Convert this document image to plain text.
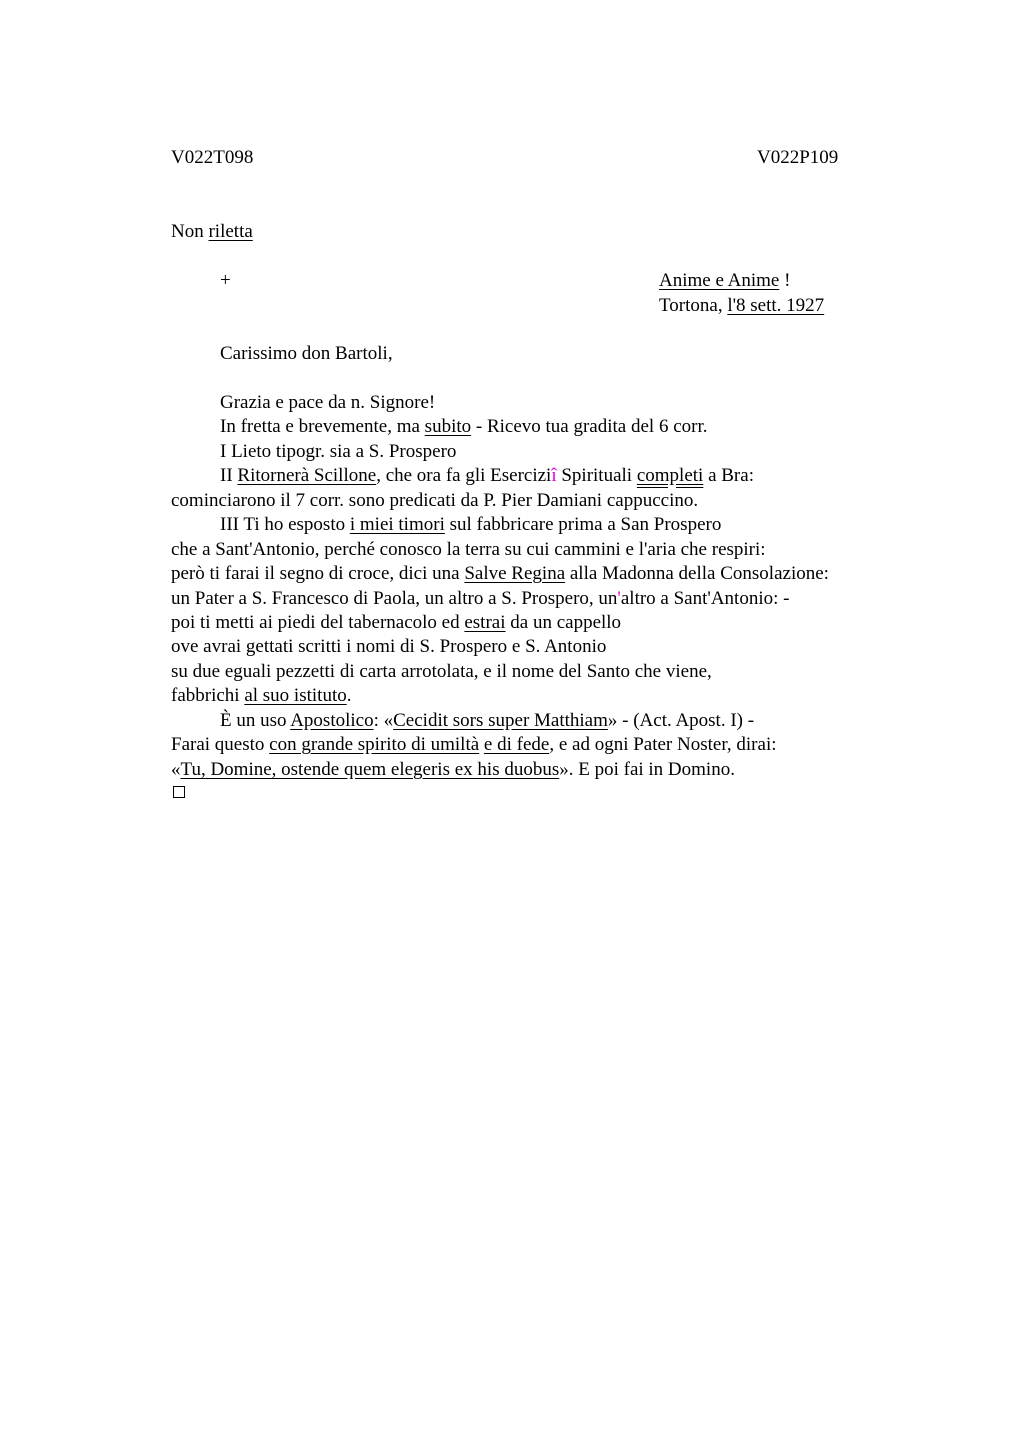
V022T098	V022P109
Non riletta
+	Anime e Anime !
Tortona, l'8 sett. 1927
Carissimo don Bartoli,
Grazia e pace da n. Signore!
In fretta e brevemente, ma subito - Ricevo tua gradita del 6 corr.
I Lieto tipogr. sia a S. Prospero
II Ritornerà Scillone, che ora fa gli Eserciziî Spirituali completi a Bra:
cominciarono il 7 corr. sono predicati da P. Pier Damiani cappuccino.
III Ti ho esposto i miei timori sul fabbricare prima a San Prospero
che a Sant'Antonio, perché conosco la terra su cui cammini e l'aria che respiri:
però ti farai il segno di croce, dici una Salve Regina alla Madonna della Consolazione:
un Pater a S. Francesco di Paola, un altro a S. Prospero, un'altro a Sant'Antonio: -
poi ti metti ai piedi del tabernacolo ed estrai da un cappello
ove avrai gettati scritti i nomi di S. Prospero e S. Antonio
su due eguali pezzetti di carta arrotolata, e il nome del Santo che viene,
fabbrichi al suo istituto.
È un uso Apostolico: «Cecidit sors super Matthiam» - (Act. Apost. I) -
Farai questo con grande spirito di umiltà e di fede, e ad ogni Pater Noster, dirai:
«Tu, Domine, ostende quem elegeris ex his duobus». E poi fai in Domino.
